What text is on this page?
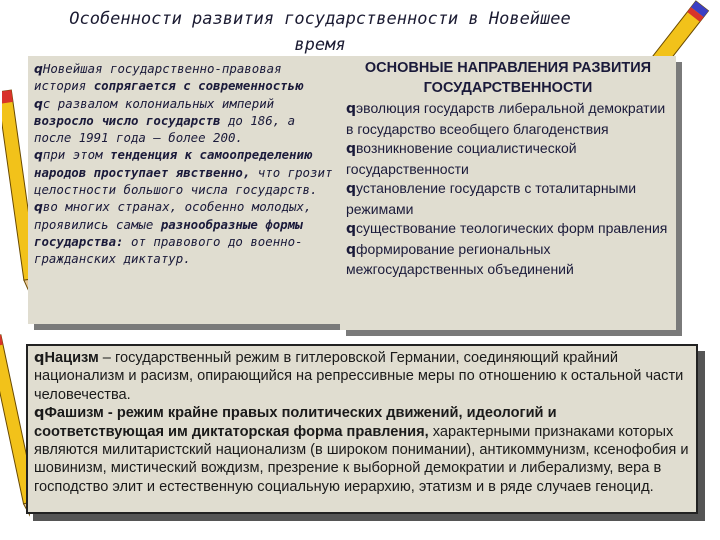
Особенности развития государственности в Новейшее время
qНовейшая государственно-правовая история сопрягается с современностью
qс развалом колониальных империй возросло число государств до 186, а после 1991 года – более 200.
qпри этом тенденция к самоопределению народов проступает явственно, что грозит целостности большого числа государств.
qво многих странах, особенно молодых, проявились самые разнообразные формы государства: от правового до военно-гражданских диктатур.
ОСНОВНЫЕ НАПРАВЛЕНИЯ РАЗВИТИЯ ГОСУДАРСТВЕННОСТИ
qэволюция государств либеральной демократии в государство всеобщего благоденствия
qвозникновение социалистической государственности
qустановление государств с тоталитарными режимами
qсуществование теологических форм правления
qформирование региональных межгосударственных объединений
qНацизм – государственный режим в гитлеровской Германии, соединяющий крайний национализм и расизм, опирающийся на репрессивные меры по отношению к остальной части человечества.
qФашизм - режим крайне правых политических движений, идеологий и соответствующая им диктаторская форма правления, характерными признаками которых являются милитаристский национализм (в широком понимании), антикоммунизм, ксенофобия и шовинизм, мистический вождизм, презрение к выборной демократии и либерализму, вера в господство элит и естественную социальную иерархию, этатизм и в ряде случаев геноцид.
